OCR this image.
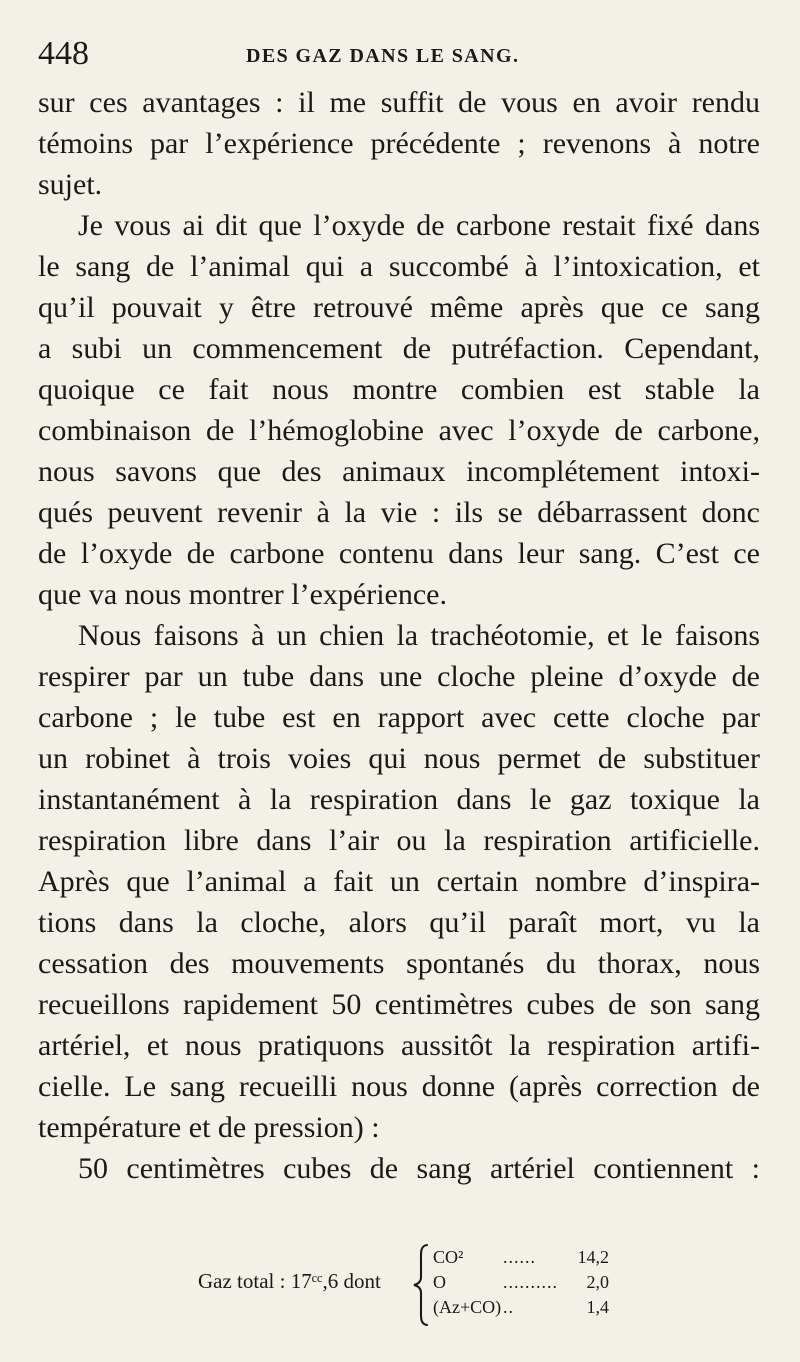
448	DES GAZ DANS LE SANG.
sur ces avantages : il me suffit de vous en avoir rendu
témoins par l’expérience précédente ; revenons à notre
sujet.
Je vous ai dit que l’oxyde de carbone restait fixé dans
le sang de l’animal qui a succombé à l’intoxication, et
qu’il pouvait y être retrouvé même après que ce sang
a subi un commencement de putréfaction. Cependant,
quoique ce fait nous montre combien est stable la
combinaison de l’hémoglobine avec l’oxyde de carbone,
nous savons que des animaux incomplétement intoxi-
qués peuvent revenir à la vie : ils se débarrassent donc
de l’oxyde de carbone contenu dans leur sang. C’est ce
que va nous montrer l’expérience.
Nous faisons à un chien la trachéotomie, et le faisons
respirer par un tube dans une cloche pleine d’oxyde de
carbone ; le tube est en rapport avec cette cloche par
un robinet à trois voies qui nous permet de substituer
instantanément à la respiration dans le gaz toxique la
respiration libre dans l’air ou la respiration artificielle.
Après que l’animal a fait un certain nombre d’inspira-
tions dans la cloche, alors qu’il paraît mort, vu la
cessation des mouvements spontanés du thorax, nous
recueillons rapidement 50 centimètres cubes de son sang
artériel, et nous pratiquons aussitôt la respiration artifi-
cielle. Le sang recueilli nous donne (après correction de
température et de pression) :
50 centimètres cubes de sang artériel contiennent :
Gaz total : 17ᶜᶜ,6 dont
CO² ...... 14,2
O	.......... 2,0
(Az+CO) ..	1,4
